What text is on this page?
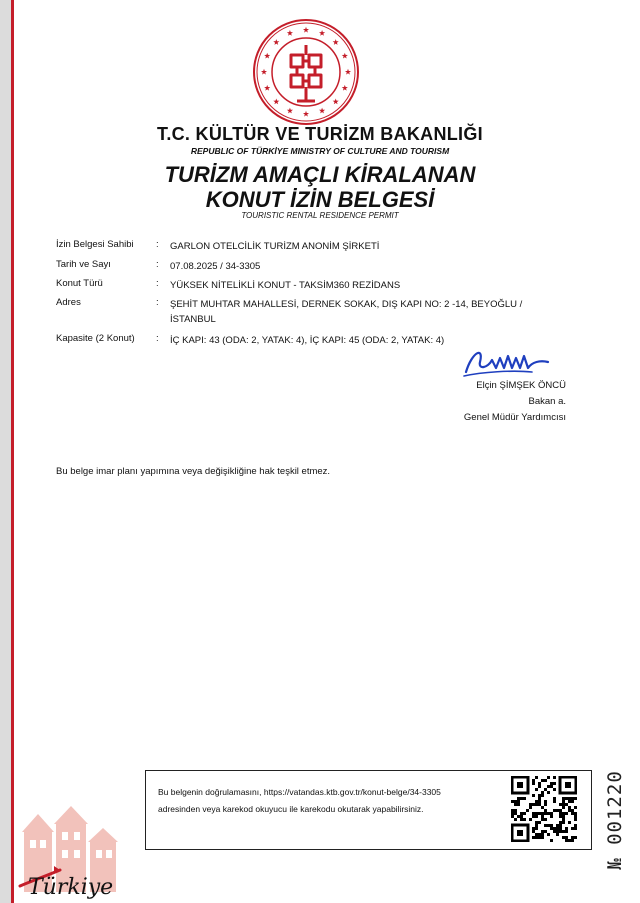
T.C. KÜLTÜR VE TURİZM BAKANLIĞI
REPUBLIC OF TÜRKİYE MINISTRY OF CULTURE AND TOURISM
TURİZM AMAÇLI KİRALANAN
KONUT İZİN BELGESİ
TOURISTIC RENTAL RESIDENCE PERMIT
İzin Belgesi Sahibi	:	GARLON OTELCİLİK TURİZM ANONİM ŞİRKETİ
Tarih ve Sayı	:	07.08.2025 / 34-3305
Konut Türü	:	YÜKSEK NİTELİKLİ KONUT - TAKSİM360 REZİDANS
Adres	:	ŞEHİT MUHTAR MAHALLESİ, DERNEK SOKAK, DIŞ KAPI NO: 2 -14, BEYOĞLU / İSTANBUL
Kapasite (2 Konut)	:	İÇ KAPI: 43 (ODA: 2, YATAK: 4), İÇ KAPI: 45 (ODA: 2, YATAK: 4)
Elçin ŞİMŞEK ÖNCÜ
Bakan a.
Genel Müdür Yardımcısı
Bu belge imar planı yapımına veya değişikliğine hak teşkil etmez.
Bu belgenin doğrulamasını, https://vatandas.ktb.gov.tr/konut-belge/34-3305
adresinden veya karekod okuyucu ile karekodu okutarak yapabilirsiniz.	№ 001220
Türkiye
